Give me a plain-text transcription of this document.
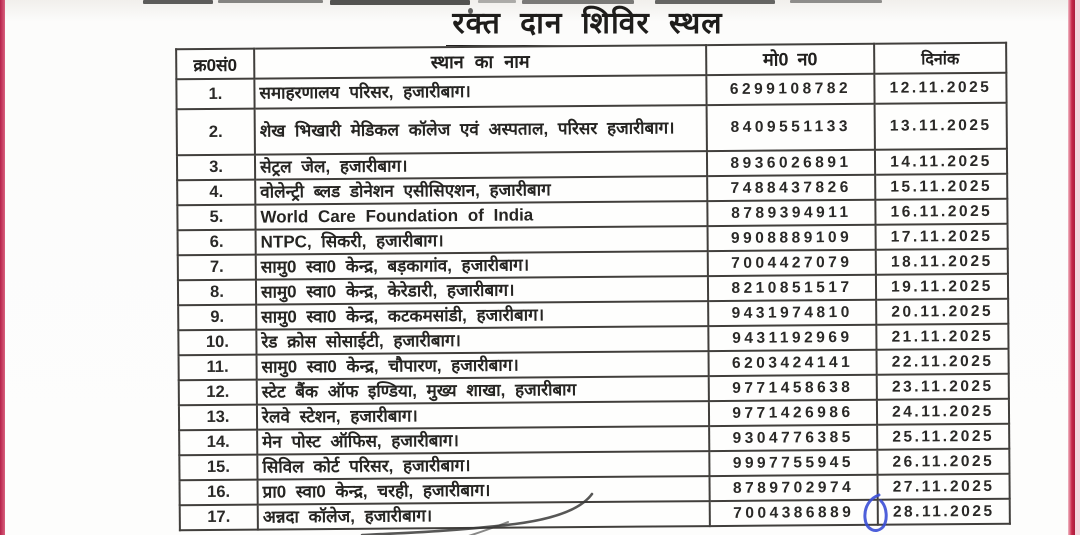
रक्त दान शिविर स्थल
क्र0सं0	स्थान का नाम	मो0 न0	दिनांक
1.	समाहरणालय परिसर, हजारीबाग।	6299108782	12.11.2025
2.	शेख भिखारी मेडिकल कॉलेज एवं अस्पताल, परिसर हजारीबाग।	8409551133	13.11.2025
3.	सेट्रल जेल, हजारीबाग।	8936026891	14.11.2025
4.	वोलेन्ट्री ब्लड डोनेशन एसीसिएशन, हजारीबाग	7488437826	15.11.2025
5.	World Care Foundation of India	8789394911	16.11.2025
6.	NTPC, सिकरी, हजारीबाग।	9908889109	17.11.2025
7.	सामु0 स्वा0 केन्द्र, बड़कागांव, हजारीबाग।	7004427079	18.11.2025
8.	सामु0 स्वा0 केन्द्र, केरेडारी, हजारीबाग।	8210851517	19.11.2025
9.	सामु0 स्वा0 केन्द्र, कटकमसांडी, हजारीबाग।	9431974810	20.11.2025
10.	रेड क्रोस सोसाईटी, हजारीबाग।	9431192969	21.11.2025
11.	सामु0 स्वा0 केन्द्र, चौपारण, हजारीबाग।	6203424141	22.11.2025
12.	स्टेट बैंक ऑफ इण्डिया, मुख्य शाखा, हजारीबाग	9771458638	23.11.2025
13.	रेलवे स्टेशन, हजारीबाग।	9771426986	24.11.2025
14.	मेन पोस्ट ऑफिस, हजारीबाग।	9304776385	25.11.2025
15.	सिविल कोर्ट परिसर, हजारीबाग।	9997755945	26.11.2025
16.	प्रा0 स्वा0 केन्द्र, चरही, हजारीबाग।	8789702974	27.11.2025
17.	अन्नदा कॉलेज, हजारीबाग।	7004386889	28.11.2025
